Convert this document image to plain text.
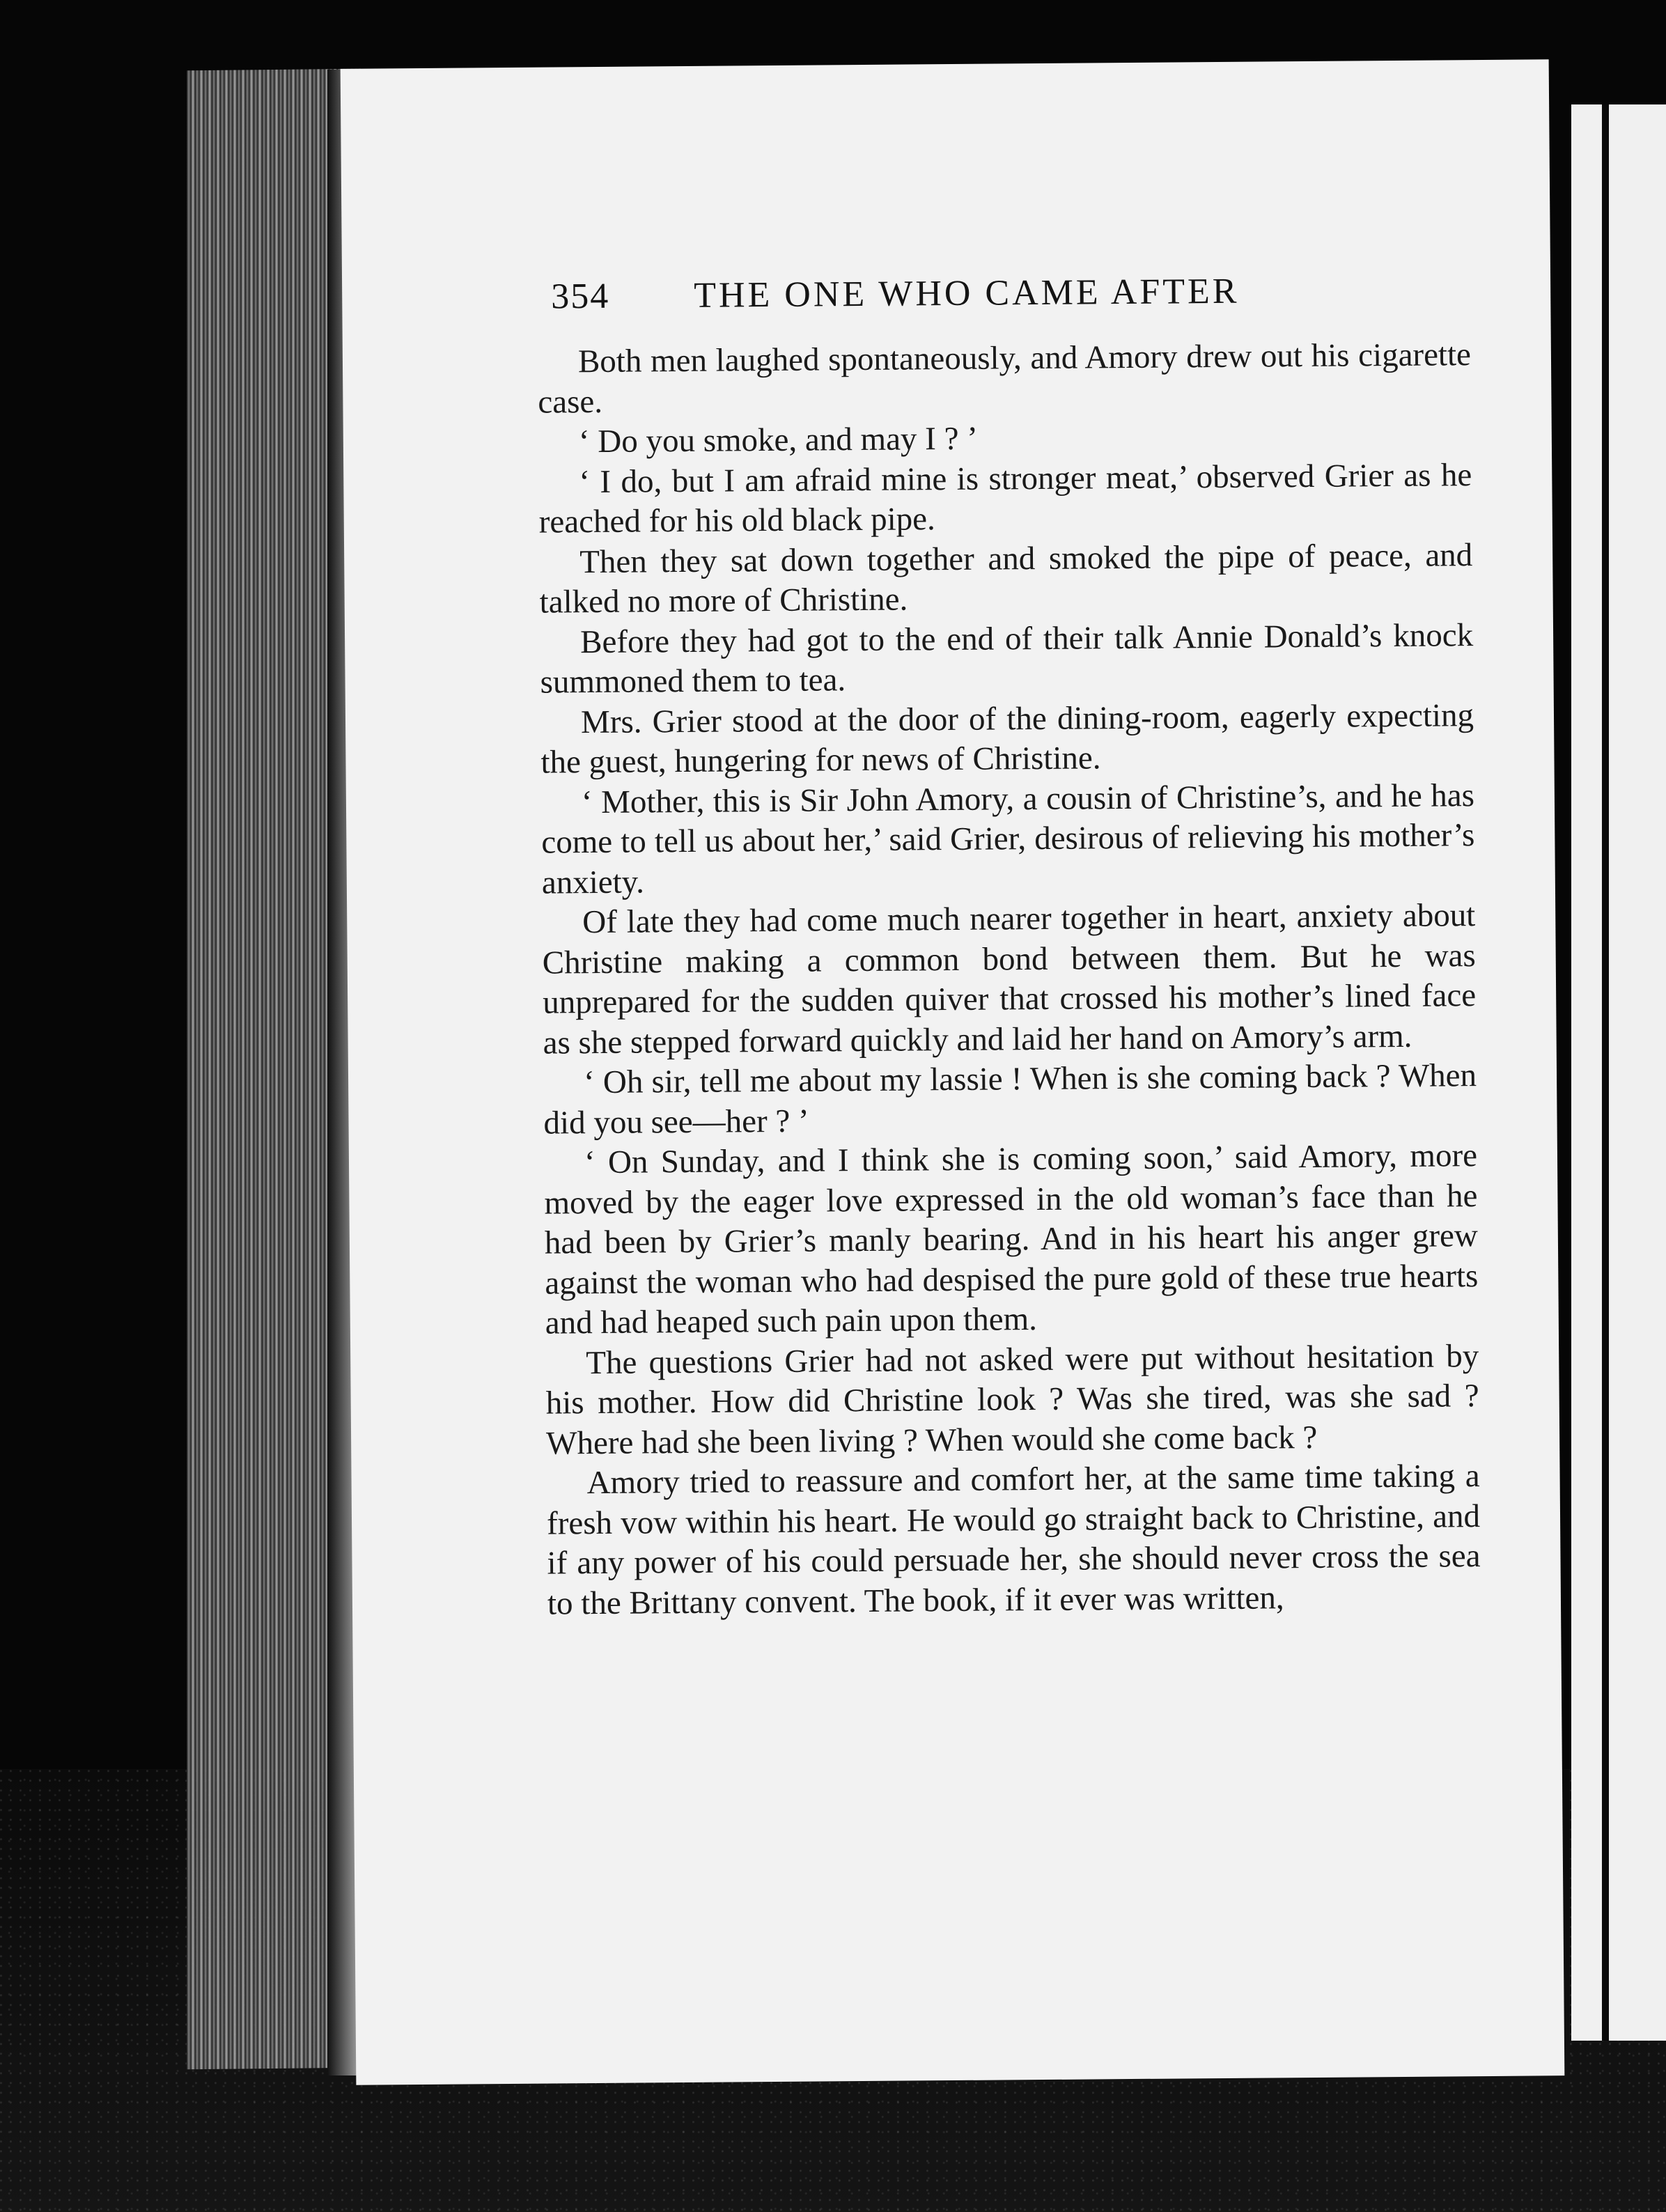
354 THE ONE WHO CAME AFTER

Both men laughed spontaneously, and Amory drew out his cigarette case.

‘ Do you smoke, and may I ? ’

‘ I do, but I am afraid mine is stronger meat,’ observed Grier as he reached for his old black pipe.

Then they sat down together and smoked the pipe of peace, and talked no more of Christine.

Before they had got to the end of their talk Annie Donald’s knock summoned them to tea.

Mrs. Grier stood at the door of the dining-room, eagerly expecting the guest, hungering for news of Christine.

‘ Mother, this is Sir John Amory, a cousin of Christine’s, and he has come to tell us about her,’ said Grier, desirous of relieving his mother’s anxiety.

Of late they had come much nearer together in heart, anxiety about Christine making a common bond between them. But he was unprepared for the sudden quiver that crossed his mother’s lined face as she stepped forward quickly and laid her hand on Amory’s arm.

‘ Oh sir, tell me about my lassie ! When is she coming back ? When did you see—her ? ’

‘ On Sunday, and I think she is coming soon,’ said Amory, more moved by the eager love expressed in the old woman’s face than he had been by Grier’s manly bearing. And in his heart his anger grew against the woman who had despised the pure gold of these true hearts and had heaped such pain upon them.

The questions Grier had not asked were put without hesitation by his mother. How did Christine look ? Was she tired, was she sad ? Where had she been living ? When would she come back ?

Amory tried to reassure and comfort her, at the same time taking a fresh vow within his heart. He would go straight back to Christine, and if any power of his could persuade her, she should never cross the sea to the Brittany convent. The book, if it ever was written,
